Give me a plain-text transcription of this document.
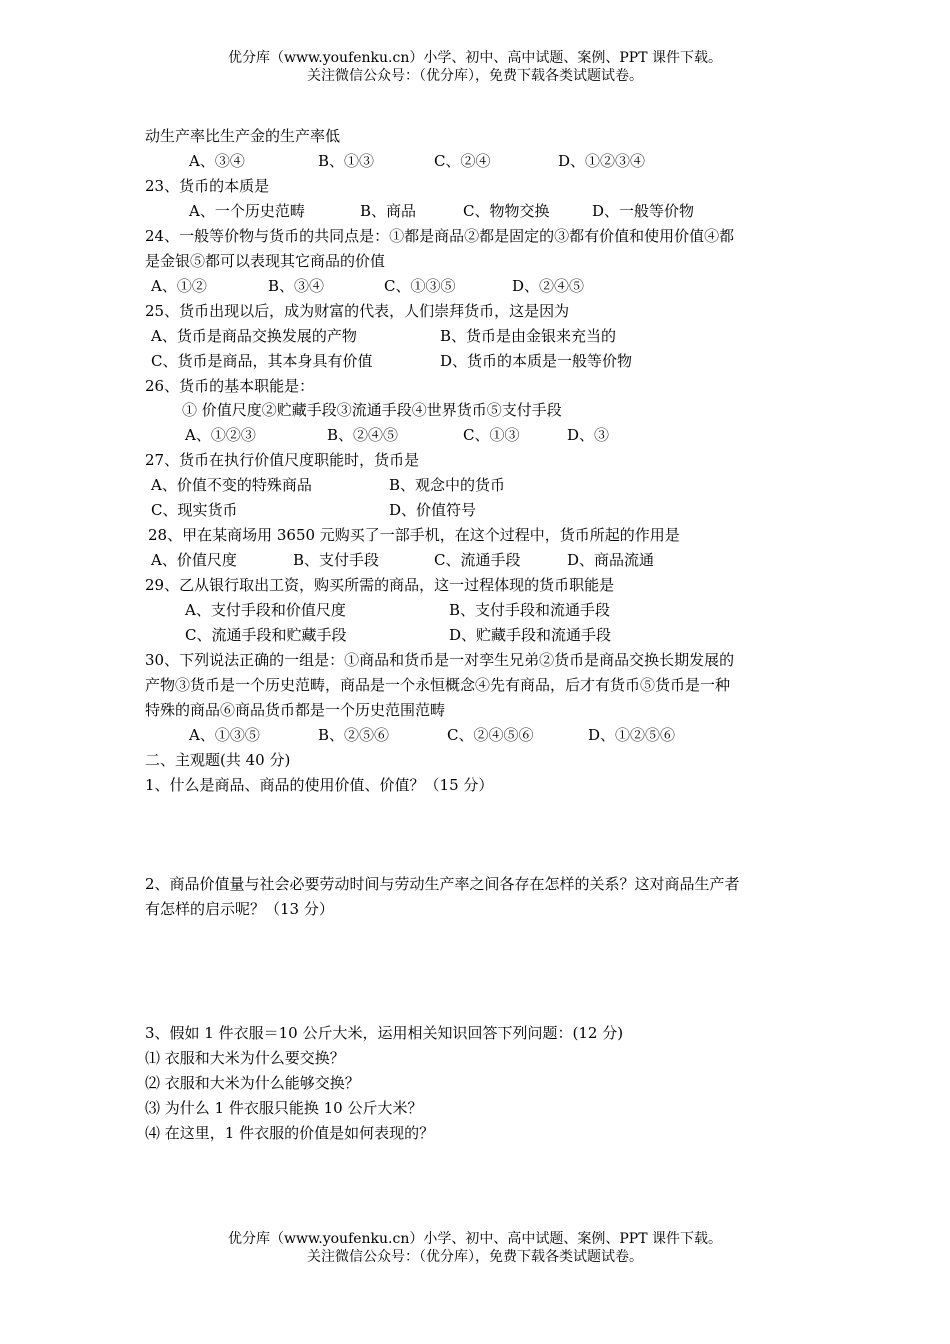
优分库（www.youfenku.cn）小学、初中、高中试题、案例、PPT 课件下载。
关注微信公众号：（优分库），免费下载各类试题试卷。
动生产率比生产金的生产率低
A、③④	B、①③	C、②④	D、①②③④
23、货币的本质是
A、一个历史范畴	B、商品	C、物物交换	D、一般等价物
24、一般等价物与货币的共同点是：①都是商品②都是固定的③都有价值和使用价值④都
是金银⑤都可以表现其它商品的价值
A、①②	B、③④	C、①③⑤	D、②④⑤
25、货币出现以后，成为财富的代表，人们崇拜货币，这是因为
A、货币是商品交换发展的产物	B、货币是由金银来充当的
C、货币是商品，其本身具有价值	D、货币的本质是一般等价物
26、货币的基本职能是：
① 价值尺度②贮藏手段③流通手段④世界货币⑤支付手段
A、①②③	B、②④⑤	C、①③	D、③
27、货币在执行价值尺度职能时，货币是
A、价值不变的特殊商品	B、观念中的货币
C、现实货币	D、价值符号
28、甲在某商场用 3650 元购买了一部手机，在这个过程中，货币所起的作用是
A、价值尺度	B、支付手段	C、流通手段	D、商品流通
29、乙从银行取出工资，购买所需的商品，这一过程体现的货币职能是
A、支付手段和价值尺度	B、支付手段和流通手段
C、流通手段和贮藏手段	D、贮藏手段和流通手段
30、下列说法正确的一组是：①商品和货币是一对孪生兄弟②货币是商品交换长期发展的
产物③货币是一个历史范畴，商品是一个永恒概念④先有商品，后才有货币⑤货币是一种
特殊的商品⑥商品货币都是一个历史范围范畴
A、①③⑤	B、②⑤⑥	C、②④⑤⑥	D、①②⑤⑥
二、主观题(共 40 分)
1、什么是商品、商品的使用价值、价值？（15 分）
2、商品价值量与社会必要劳动时间与劳动生产率之间各存在怎样的关系？这对商品生产者
有怎样的启示呢？（13 分）
3、假如 1 件衣服＝10 公斤大米，运用相关知识回答下列问题：(12 分)
⑴ 衣服和大米为什么要交换？
⑵ 衣服和大米为什么能够交换？
⑶ 为什么 1 件衣服只能换 10 公斤大米？
⑷ 在这里，1 件衣服的价值是如何表现的？
优分库（www.youfenku.cn）小学、初中、高中试题、案例、PPT 课件下载。
关注微信公众号：（优分库），免费下载各类试题试卷。
